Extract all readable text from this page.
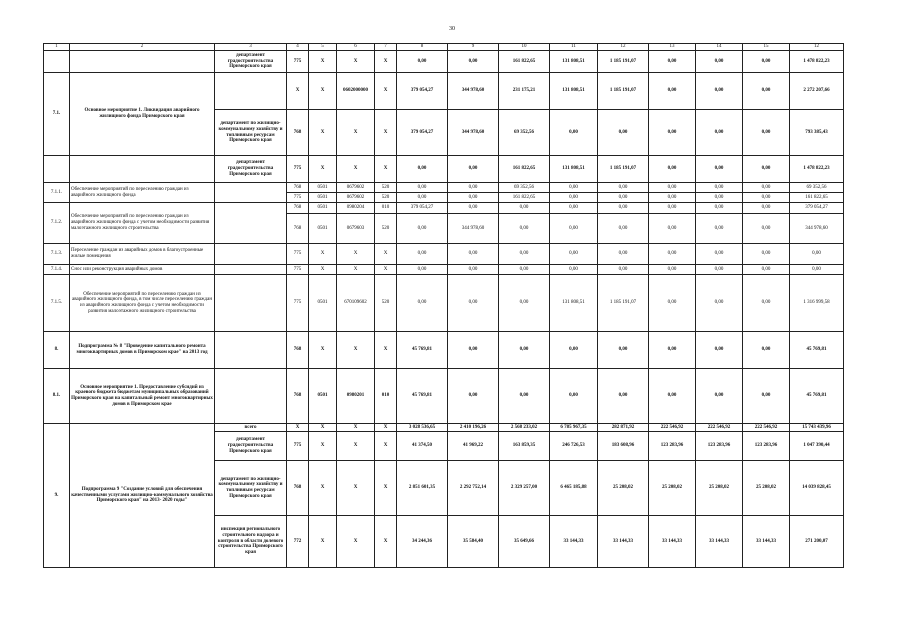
30
1	2	3	4	5	6	7	8	9	10	11	12	13	14	15	12
		департамент градостроительства Приморского края	775	X	X	X	0,00	0,00	161 822,65	131 808,51	1 185 191,07	0,00	0,00	0,00	1 478 822,23
7.1.	Основное мероприятие 1. Ликвидация аварийного жилищного фонда Приморского края		X	X	0602000000	X	379 054,27	344 978,60	231 175,21	131 808,51	1 185 191,07	0,00	0,00	0,00	2 272 207,66
		департамент по жилищно-коммунальному хозяйству и топливным ресурсам Приморского края	768	X	X	X	379 054,27	344 978,60	69 352,56	0,00	0,00	0,00	0,00	0,00	793 385,43
		департамент градостроительства Приморского края	775	X	X	X	0,00	0,00	161 822,65	131 808,51	1 185 191,07	0,00	0,00	0,00	1 478 822,23
7.1.1.	Обеспечение мероприятий по переселению граждан из аварийного жилищного фонда		768	0501	0679602	520	0,00	0,00	69 352,56	0,00	0,00	0,00	0,00	0,00	69 352,56
			775	0501	0679602	520	0,00	0,00	161 822,65	0,00	0,00	0,00	0,00	0,00	161 822,65
7.1.2.	Обеспечение мероприятий по переселению граждан из аварийного жилищного фонда с учетом необходимости развития малоэтажного жилищного строительства		768	0501	0980204	010	379 054,27	0,00	0,00	0,00	0,00	0,00	0,00	0,00	379 054,27
			768	0501	0679603	520	0,00	344 978,60	0,00	0,00	0,00	0,00	0,00	0,00	344 978,60
7.1.3.	Переселение граждан из аварийных домов в благоустроенные жилые помещения		775	X	X	X	0,00	0,00	0,00	0,00	0,00	0,00	0,00	0,00	0,00
7.1.4.	Снос или реконструкция аварийных домов		775	X	X	X	0,00	0,00	0,00	0,00	0,00	0,00	0,00	0,00	0,00
7.1.5.	Обеспечение мероприятий по переселению граждан из аварийного жилищного фонда, в том числе переселению граждан из аварийного жилищного фонда с учетом необходимости развития малоэтажного жилищного строительства		775	0501	670109602	520	0,00	0,00	0,00	131 808,51	1 185 191,07	0,00	0,00	0,00	1 316 999,58
8.	Подпрограмма № 8 "Проведение капитального ремонта многоквартирных домов в Приморском крае" на 2013 год		768	X	X	X	45 769,81	0,00	0,00	0,00	0,00	0,00	0,00	0,00	45 769,81
8.1.	Основное мероприятие 1. Предоставление субсидий из краевого бюджета бюджетам муниципальных образований Приморского края на капитальный ремонт многоквартирных домов в Приморском крае		768	0501	0980201	010	45 769,81	0,00	0,00	0,00	0,00	0,00	0,00	0,00	45 769,81
9.	Подпрограмма 9 "Создание условий для обеспечения качественными услугами жилищно-коммунального хозяйства Приморского края" на 2013- 2020 годы"	всего	X	X	X	X	3 028 536,65	2 410 196,26	2 568 233,02	6 785 967,35	282 871,92	222 546,92	222 546,92	222 546,92	15 743 439,96
		департамент градостроительства Приморского края	775	X	X	X	41 374,50	41 969,22	163 859,35	246 726,53	183 608,96	123 283,96	123 283,96	123 283,96	1 047 390,44
		департамент по жилищно-коммунальному хозяйству и топливным ресурсам Приморского края	768	X	X	X	2 851 601,35	2 292 752,14	2 329 257,00	6 465 185,88	25 208,02	25 208,02	25 208,02	25 208,02	14 039 828,45
		инспекция регионального строительного надзора и контроля в области долевого строительства Приморского края	772	X	X	X	34 244,36	35 584,40	35 649,66	33 144,33	33 144,33	33 144,33	33 144,33	33 144,33	271 200,07
